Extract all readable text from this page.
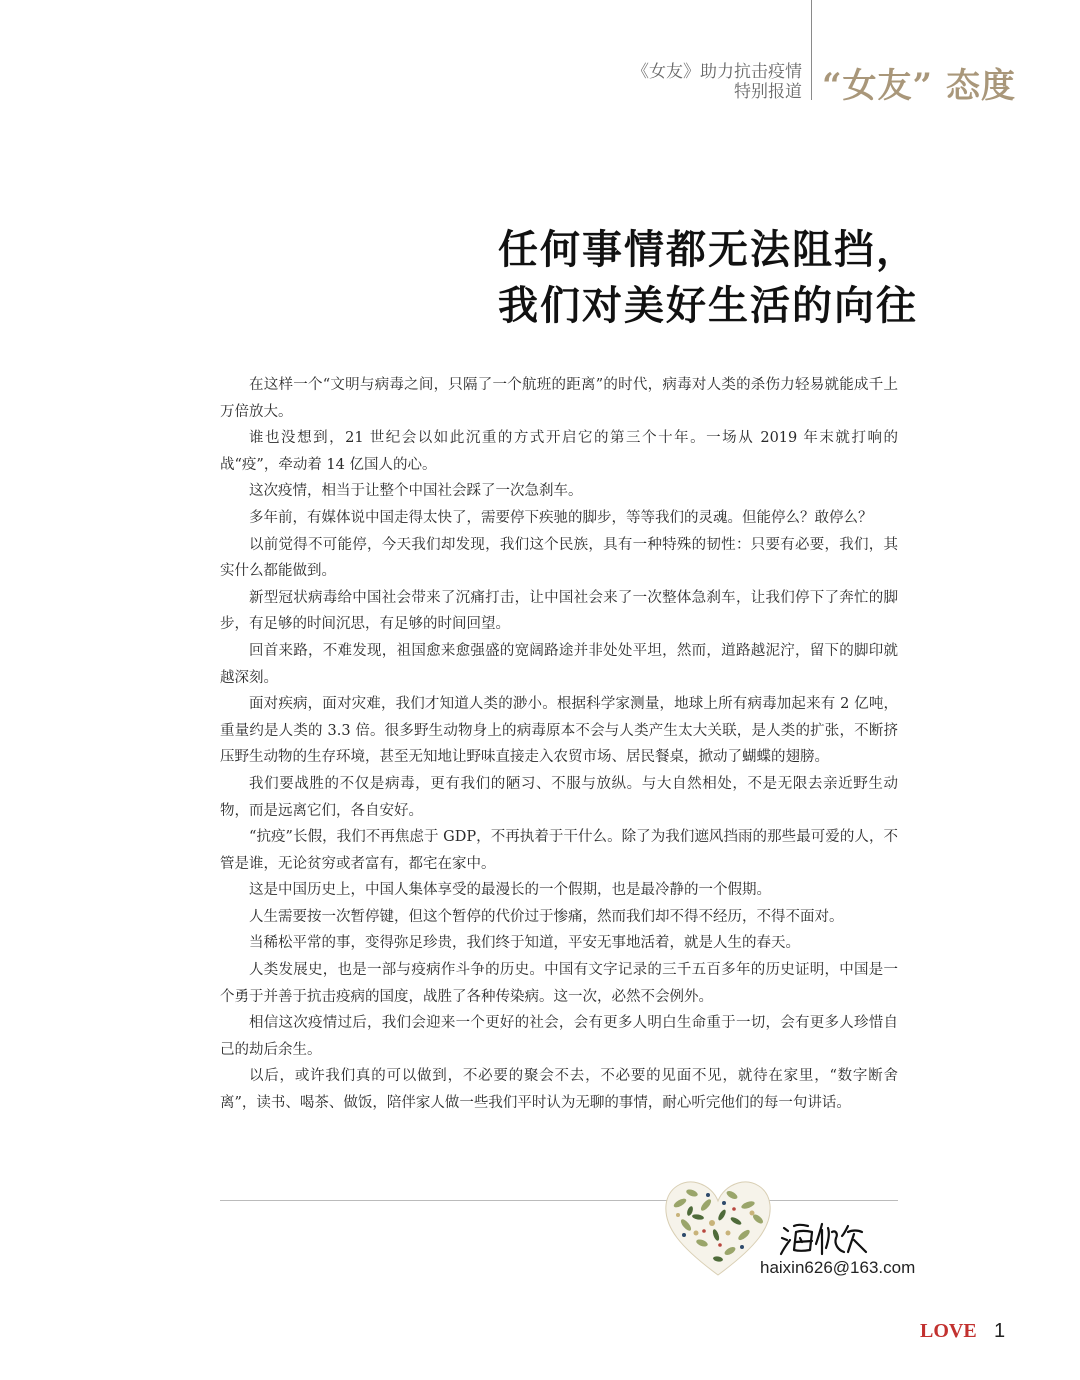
《女友》助力抗击疫情
特别报道 “女友” 态度
任何事情都无法阻挡，
我们对美好生活的向往

在这样一个“文明与病毒之间，只隔了一个航班的距离”的时代，病毒对人类的杀伤力轻易就能成千上万倍放大。

谁也没想到，21 世纪会以如此沉重的方式开启它的第三个十年。一场从 2019 年末就打响的战“疫”，牵动着 14 亿国人的心。

这次疫情，相当于让整个中国社会踩了一次急刹车。

多年前，有媒体说中国走得太快了，需要停下疾驰的脚步，等等我们的灵魂。但能停么？敢停么？

以前觉得不可能停，今天我们却发现，我们这个民族，具有一种特殊的韧性：只要有必要，我们，其实什么都能做到。

新型冠状病毒给中国社会带来了沉痛打击，让中国社会来了一次整体急刹车，让我们停下了奔忙的脚步，有足够的时间沉思，有足够的时间回望。

回首来路，不难发现，祖国愈来愈强盛的宽阔路途并非处处平坦，然而，道路越泥泞，留下的脚印就越深刻。

面对疾病，面对灾难，我们才知道人类的渺小。根据科学家测量，地球上所有病毒加起来有 2 亿吨，重量约是人类的 3.3 倍。很多野生动物身上的病毒原本不会与人类产生太大关联，是人类的扩张，不断挤压野生动物的生存环境，甚至无知地让野味直接走入农贸市场、居民餐桌，掀动了蝴蝶的翅膀。

我们要战胜的不仅是病毒，更有我们的陋习、不服与放纵。与大自然相处，不是无限去亲近野生动物，而是远离它们，各自安好。

“抗疫”长假，我们不再焦虑于 GDP，不再执着于干什么。除了为我们遮风挡雨的那些最可爱的人，不管是谁，无论贫穷或者富有，都宅在家中。

这是中国历史上，中国人集体享受的最漫长的一个假期，也是最冷静的一个假期。

人生需要按一次暂停键，但这个暂停的代价过于惨痛，然而我们却不得不经历，不得不面对。

当稀松平常的事，变得弥足珍贵，我们终于知道，平安无事地活着，就是人生的春天。

人类发展史，也是一部与疫病作斗争的历史。中国有文字记录的三千五百多年的历史证明，中国是一个勇于并善于抗击疫病的国度，战胜了各种传染病。这一次，必然不会例外。

相信这次疫情过后，我们会迎来一个更好的社会，会有更多人明白生命重于一切，会有更多人珍惜自己的劫后余生。

以后，或许我们真的可以做到，不必要的聚会不去，不必要的见面不见，就待在家里，“数字断舍离”，读书、喝茶、做饭，陪伴家人做一些我们平时认为无聊的事情，耐心听完他们的每一句讲话。

haixin626@163.com
LOVE 1
